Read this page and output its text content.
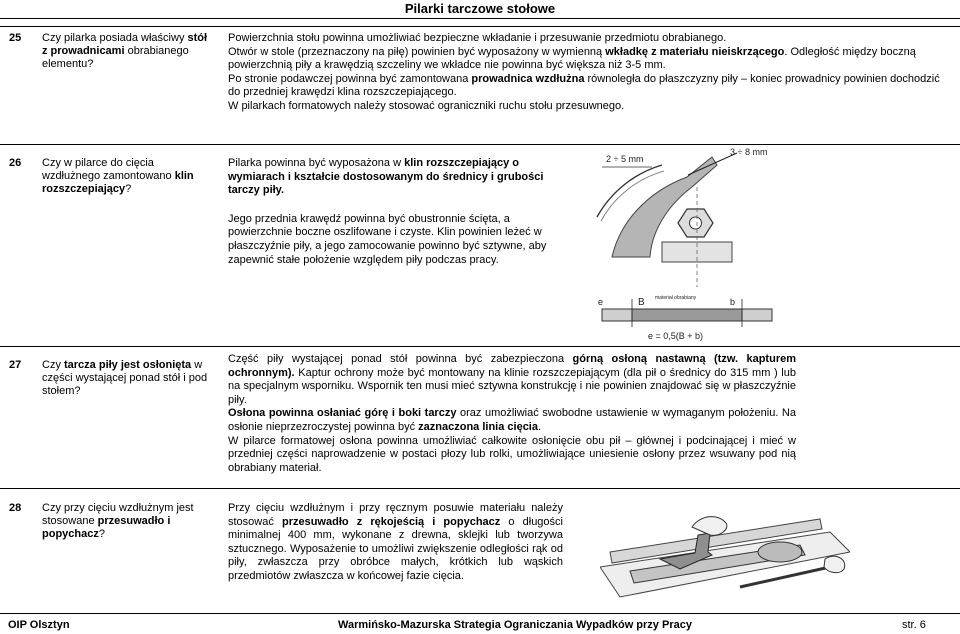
Pilarki tarczowe stołowe
25 Czy pilarka posiada właściwy stół z prowadnicami obrabianego elementu?

Powierzchnia stołu powinna umożliwiać bezpieczne wkładanie i przesuwanie przedmiotu obrabianego.

Otwór w stole (przeznaczony na piłę) powinien być wyposażony w wymienną wkładkę z materiału nieiskrzącego. Odległość między boczną powierzchnią piły a krawędzią szczeliny we wkładce nie powinna być większa niż 3-5 mm.

Po stronie podawczej powinna być zamontowana prowadnica wzdłużna równoległa do płaszczyzny piły – koniec prowadnicy powinien dochodzić do przedniej krawędzi klina rozszczepiającego.

W pilarkach formatowych należy stosować ograniczniki ruchu stołu przesuwnego.

26 Czy w pilarce do cięcia wzdłużnego zamontowano klin rozszczepiający?

Pilarka powinna być wyposażona w klin rozszczepiający o wymiarach i kształcie dostosowanym do średnicy i grubości tarczy piły.

Jego przednia krawędź powinna być obustronnie ścięta, a powierzchnie boczne oszlifowane i czyste. Klin powinien leżeć w płaszczyźnie piły, a jego zamocowanie powinno być sztywne, aby zapewnić stałe położenie względem piły podczas pracy.

2 ÷ 5 mm
3 ÷ 8 mm
e	B materiał obrabiany	b
e = 0,5(B + b)
27 Czy tarcza piły jest osłonięta w części wystającej ponad stół i pod stołem?

Część piły wystającej ponad stół powinna być zabezpieczona górną osłoną nastawną (tzw. kapturem ochronnym). Kaptur ochrony może być montowany na klinie rozszczepiającym (dla pił o średnicy do 315 mm ) lub na specjalnym wsporniku. Wspornik ten musi mieć sztywna konstrukcję i nie powinien znajdować się w płaszczyźnie piły.

Osłona powinna osłaniać górę i boki tarczy oraz umożliwiać swobodne ustawienie w wymaganym położeniu. Na osłonie nieprzezroczystej powinna być zaznaczona linia cięcia.

W pilarce formatowej osłona powinna umożliwiać całkowite osłonięcie obu pił – głównej i podcinającej i mieć w przedniej części naprowadzenie w postaci płozy lub rolki, umożliwiające uniesienie osłony przez wsuwany pod nią obrabiany materiał.

28 Czy przy cięciu wzdłużnym jest stosowane przesuwadło i popychacz?

Przy cięciu wzdłużnym i przy ręcznym posuwie materiału należy stosować przesuwadło z rękojeścią i popychacz o długości minimalnej 400 mm, wykonane z drewna, sklejki lub tworzywa sztucznego. Wyposażenie to umożliwi zwiększenie odległości rąk od piły, zwłaszcza przy obróbce małych, krótkich lub wąskich przedmiotów zwłaszcza w końcowej fazie cięcia.

OIP Olsztyn	Warmińsko-Mazurska Strategia Ograniczania Wypadków przy Pracy	str. 6
